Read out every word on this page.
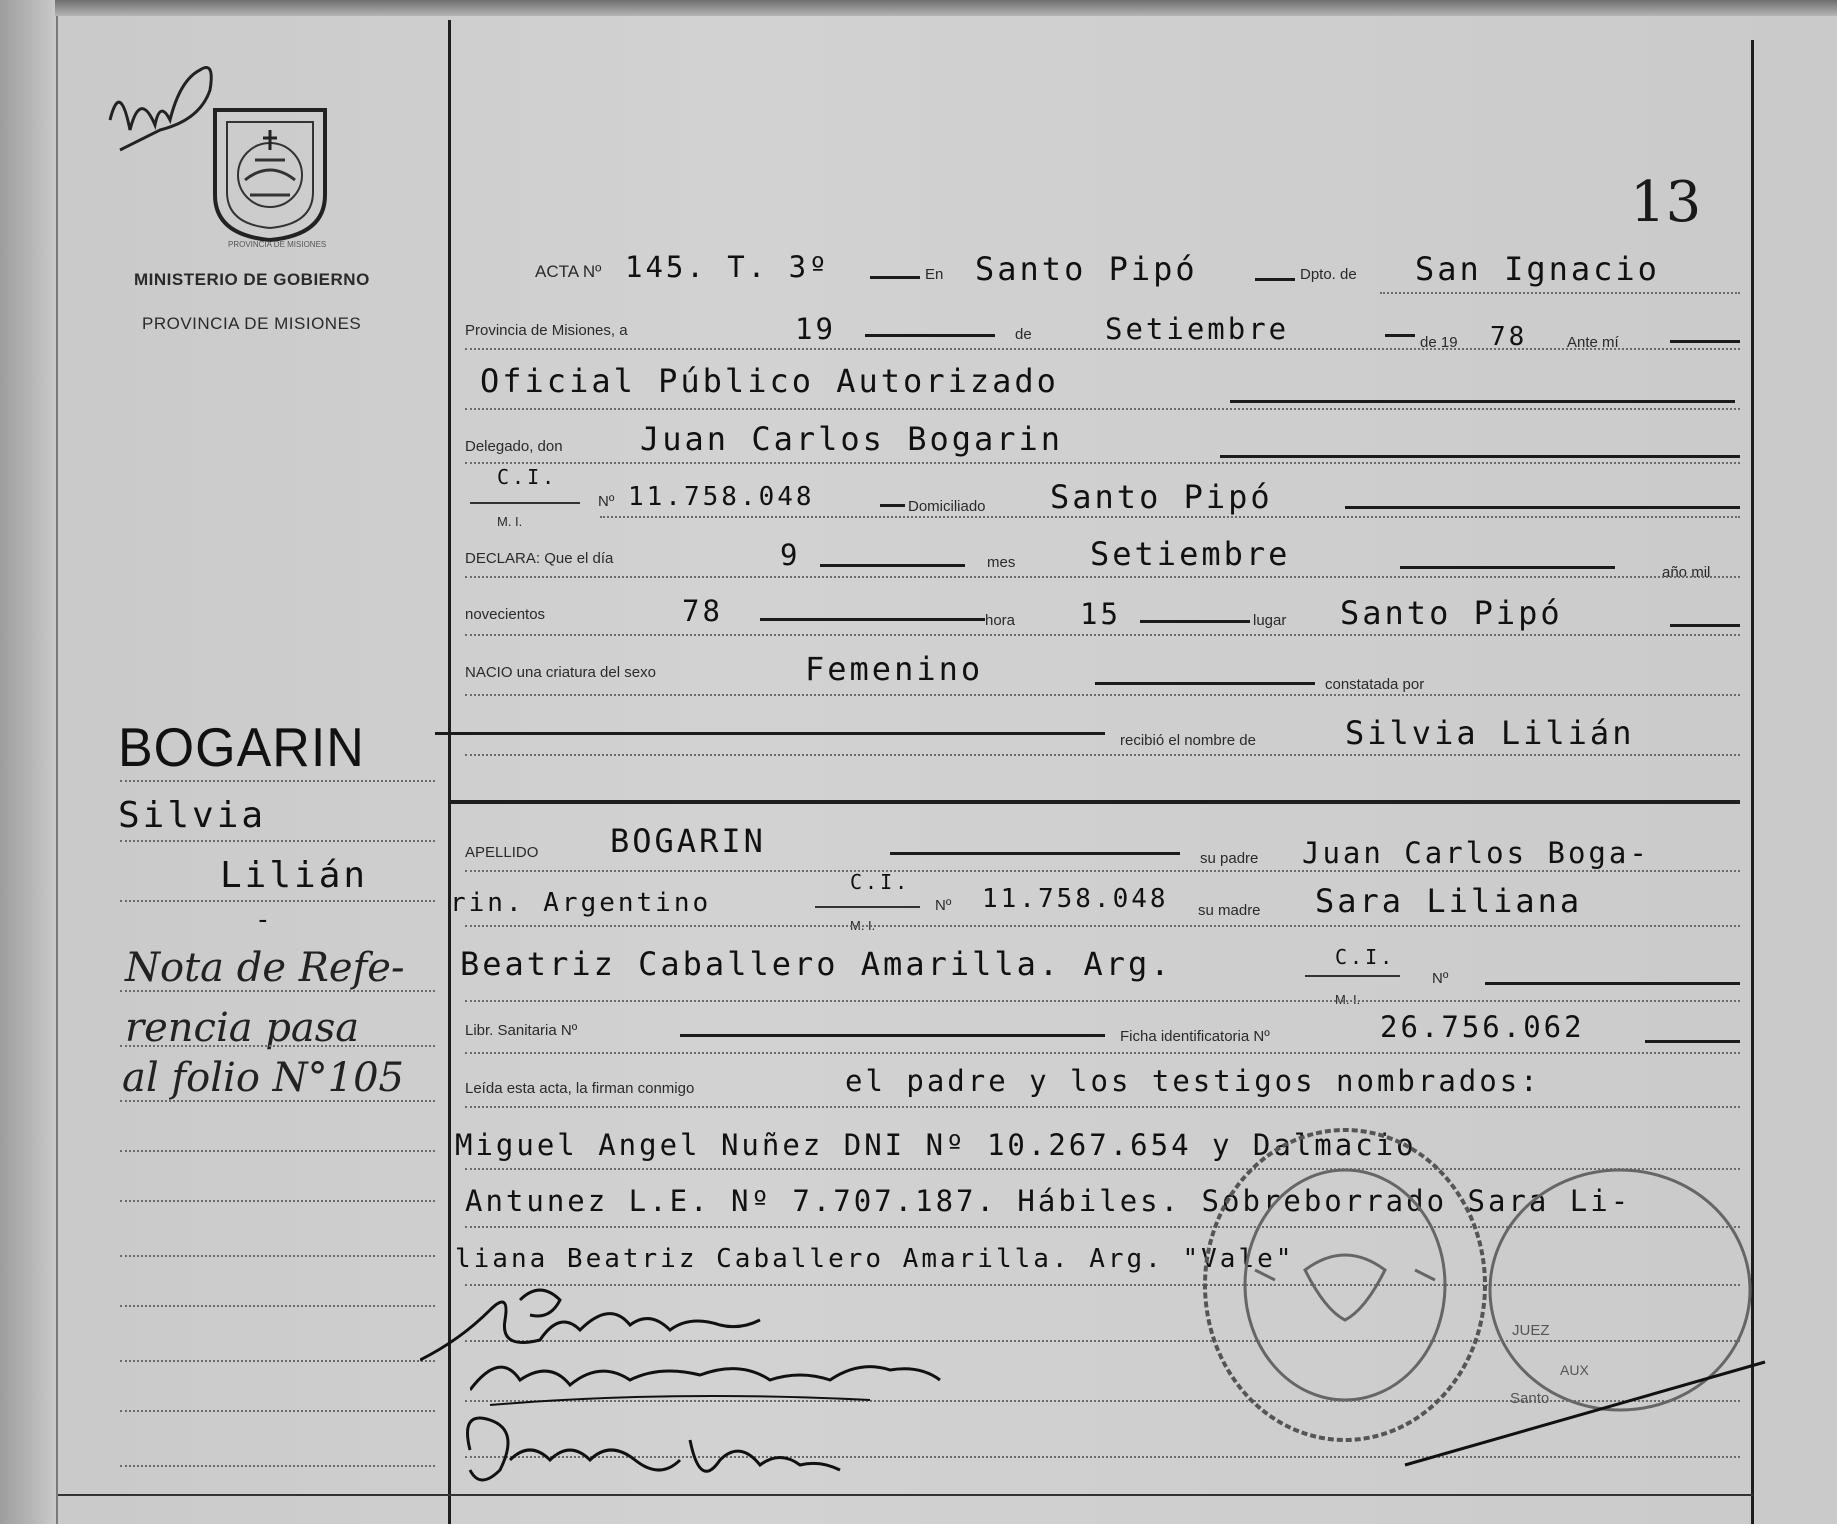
PROVINCIA DE MISIONES
MINISTERIO DE GOBIERNO
PROVINCIA DE MISIONES
13
BOGARIN
Silvia
Lilián
-
Nota de Refe-
rencia pasa
al folio N°105
ACTA Nº 145. T. 3º	En Santo Pipó	Dpto. de San Ignacio
Provincia de Misiones, a	19	de	Setiembre	de 19 78	Ante mí
Oficial Público Autorizado
Delegado, don Juan Carlos Bogarin
C.I.
M. I.
Nº 11.758.048	Domiciliado Santo Pipó
DECLARA: Que el día	9	mes Setiembre	año mil
novecientos	78	hora 15	lugar Santo Pipó
NACIO una criatura del sexo	Femenino	constatada por
recibió el nombre de	Silvia Lilián
APELLIDO BOGARIN	su padre Juan Carlos Boga-
rin. Argentino
C.I.
M. I.
Nº 11.758.048 su madre Sara Liliana
Beatriz Caballero Amarilla. Arg.	C.I.
M. I.
Nº
Libr. Sanitaria Nº	Ficha identificatoria Nº	26.756.062
Leída esta acta, la firman conmigo	el padre y los testigos nombrados:
Miguel Angel Nuñez DNI Nº 10.267.654 y Dalmacio
Antunez L.E. Nº 7.707.187. Hábiles. Sobreborrado Sara Li-
liana Beatriz Caballero Amarilla. Arg. "Vale"
JUEZ
AUX
Santo
